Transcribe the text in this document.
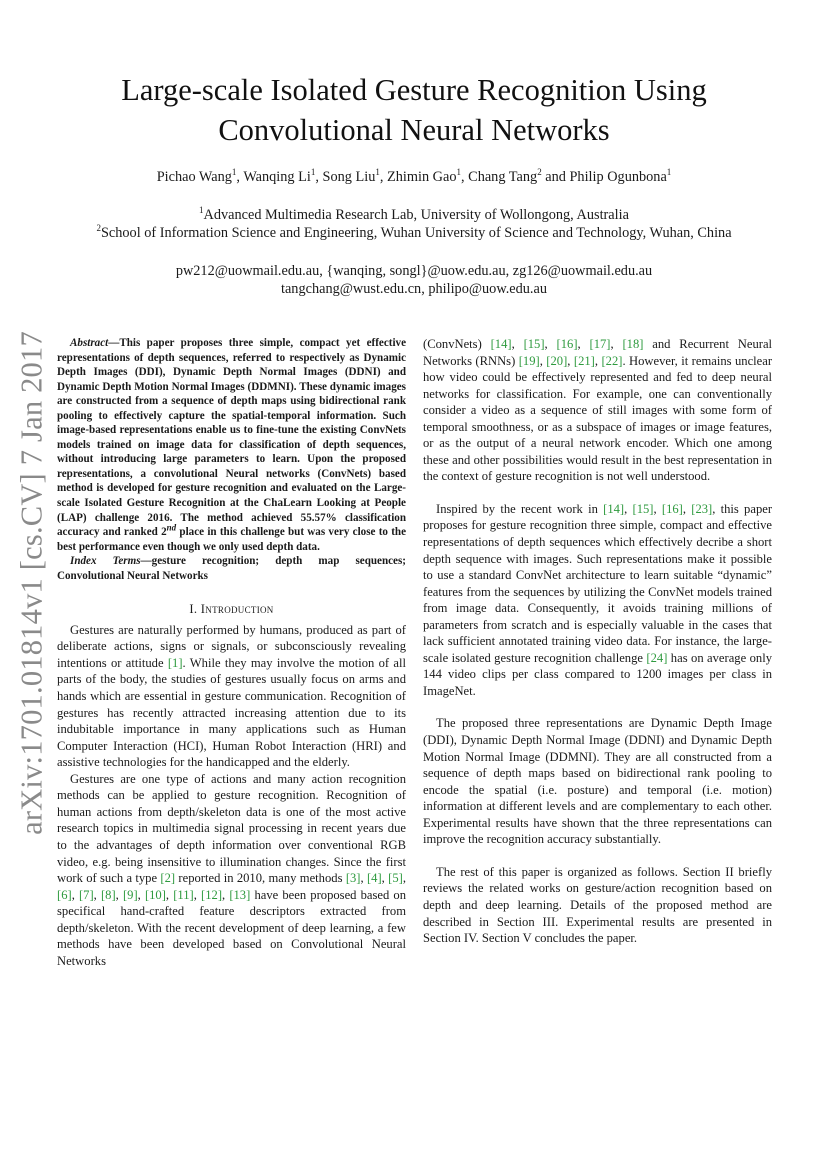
arXiv:1701.01814v1 [cs.CV] 7 Jan 2017
Large-scale Isolated Gesture Recognition Using Convolutional Neural Networks
Pichao Wang$^1$, Wanqing Li$^1$, Song Liu$^1$, Zhimin Gao$^1$, Chang Tang$^2$ and Philip Ogunbona$^1$
$^1$Advanced Multimedia Research Lab, University of Wollongong, Australia
$^2$School of Information Science and Engineering, Wuhan University of Science and Technology, Wuhan, China
pw212@uowmail.edu.au, {wanqing, songl}@uow.edu.au, zg126@uowmail.edu.au
tangchang@wust.edu.cn, philipo@uow.edu.au

Abstract—This paper proposes three simple, compact yet effective representations of depth sequences, referred to respectively as Dynamic Depth Images (DDI), Dynamic Depth Normal Images (DDNI) and Dynamic Depth Motion Normal Images (DDMNI). These dynamic images are constructed from a sequence of depth maps using bidirectional rank pooling to effectively capture the spatial-temporal information. Such image-based representations enable us to fine-tune the existing ConvNets models trained on image data for classification of depth sequences, without introducing large parameters to learn. Upon the proposed representations, a convolutional Neural networks (ConvNets) based method is developed for gesture recognition and evaluated on the Large-scale Isolated Gesture Recognition at the ChaLearn Looking at People (LAP) challenge 2016. The method achieved 55.57% classification accuracy and ranked 2nd place in this challenge but was very close to the best performance even though we only used depth data.

Index Terms—gesture recognition; depth map sequences; Convolutional Neural Networks

I. Introduction

Gestures are naturally performed by humans, produced as part of deliberate actions, signs or signals, or subconsciously revealing intentions or attitude [1]. While they may involve the motion of all parts of the body, the studies of gestures usually focus on arms and hands which are essential in gesture communication. Recognition of gestures has recently attracted increasing attention due to its indubitable importance in many applications such as Human Computer Interaction (HCI), Human Robot Interaction (HRI) and assistive technologies for the handicapped and the elderly.

Gestures are one type of actions and many action recognition methods can be applied to gesture recognition. Recognition of human actions from depth/skeleton data is one of the most active research topics in multimedia signal processing in recent years due to the advantages of depth information over conventional RGB video, e.g. being insensitive to illumination changes. Since the first work of such a type [2] reported in 2010, many methods [3], [4], [5], [6], [7], [8], [9], [10], [11], [12], [13] have been proposed based on specifical hand-crafted feature descriptors extracted from depth/skeleton. With the recent development of deep learning, a few methods have been developed based on Convolutional Neural Networks

(ConvNets) [14], [15], [16], [17], [18] and Recurrent Neural Networks (RNNs) [19], [20], [21], [22]. However, it remains unclear how video could be effectively represented and fed to deep neural networks for classification. For example, one can conventionally consider a video as a sequence of still images with some form of temporal smoothness, or as a subspace of images or image features, or as the output of a neural network encoder. Which one among these and other possibilities would result in the best representation in the context of gesture recognition is not well understood.

Inspired by the recent work in [14], [15], [16], [23], this paper proposes for gesture recognition three simple, compact and effective representations of depth sequences which effectively decribe a short depth sequence with images. Such representations make it possible to use a standard ConvNet architecture to learn suitable “dynamic” features from the sequences by utilizing the ConvNet models trained from image data. Consequently, it avoids training millions of parameters from scratch and is especially valuable in the cases that lack sufficient annotated training video data. For instance, the large-scale isolated gesture recognition challenge [24] has on average only 144 video clips per class compared to 1200 images per class in ImageNet.

The proposed three representations are Dynamic Depth Image (DDI), Dynamic Depth Normal Image (DDNI) and Dynamic Depth Motion Normal Image (DDMNI). They are all constructed from a sequence of depth maps based on bidirectional rank pooling to encode the spatial (i.e. posture) and temporal (i.e. motion) information at different levels and are complementary to each other. Experimental results have shown that the three representations can improve the recognition accuracy substantially.

The rest of this paper is organized as follows. Section II briefly reviews the related works on gesture/action recognition based on depth and deep learning. Details of the proposed method are described in Section III. Experimental results are presented in Section IV. Section V concludes the paper.
